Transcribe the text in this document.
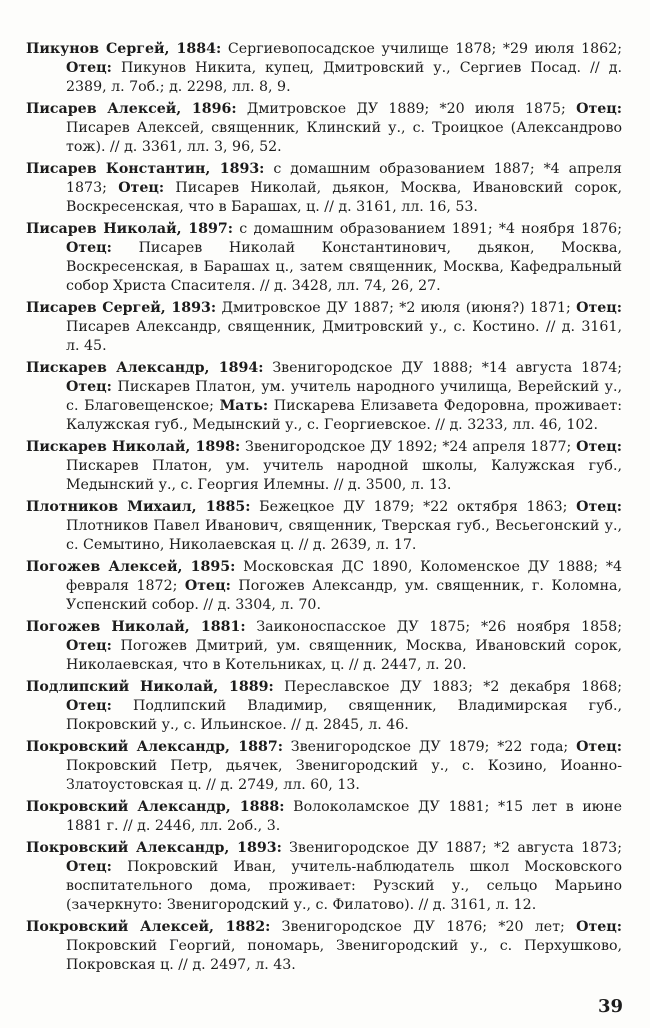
Пикунов Сергей, 1884: Сергиевопосадское училище 1878; *29 июля 1862; Отец: Пикунов Никита, купец, Дмитровский у., Сергиев Посад. // д. 2389, л. 7об.; д. 2298, лл. 8, 9.

Писарев Алексей, 1896: Дмитровское ДУ 1889; *20 июля 1875; Отец: Писарев Алексей, священник, Клинский у., с. Троицкое (Александрово тож). // д. 3361, лл. 3, 96, 52.

Писарев Константин, 1893: с домашним образованием 1887; *4 апреля 1873; Отец: Писарев Николай, дьякон, Москва, Ивановский сорок, Воскресенская, что в Барашах, ц. // д. 3161, лл. 16, 53.

Писарев Николай, 1897: с домашним образованием 1891; *4 ноября 1876; Отец: Писарев Николай Константинович, дьякон, Москва, Воскресенская, в Барашах ц., затем священник, Москва, Кафедральный собор Христа Спасителя. // д. 3428, лл. 74, 26, 27.

Писарев Сергей, 1893: Дмитровское ДУ 1887; *2 июля (июня?) 1871; Отец: Писарев Александр, священник, Дмитровский у., с. Костино. // д. 3161, л. 45.

Пискарев Александр, 1894: Звенигородское ДУ 1888; *14 августа 1874; Отец: Пискарев Платон, ум. учитель народного училища, Верейский у., с. Благовещенское; Мать: Пискарева Елизавета Федоровна, проживает: Калужская губ., Медынский у., с. Георгиевское. // д. 3233, лл. 46, 102.

Пискарев Николай, 1898: Звенигородское ДУ 1892; *24 апреля 1877; Отец: Пискарев Платон, ум. учитель народной школы, Калужская губ., Медынский у., с. Георгия Илемны. // д. 3500, л. 13.

Плотников Михаил, 1885: Бежецкое ДУ 1879; *22 октября 1863; Отец: Плотников Павел Иванович, священник, Тверская губ., Весьегонский у., с. Семытино, Николаевская ц. // д. 2639, л. 17.

Погожев Алексей, 1895: Московская ДС 1890, Коломенское ДУ 1888; *4 февраля 1872; Отец: Погожев Александр, ум. священник, г. Коломна, Успенский собор. // д. 3304, л. 70.

Погожев Николай, 1881: Заиконоспасское ДУ 1875; *26 ноября 1858; Отец: Погожев Дмитрий, ум. священник, Москва, Ивановский сорок, Николаевская, что в Котельниках, ц. // д. 2447, л. 20.

Подлипский Николай, 1889: Переславское ДУ 1883; *2 декабря 1868; Отец: Подлипский Владимир, священник, Владимирская губ., Покровский у., с. Ильинское. // д. 2845, л. 46.

Покровский Александр, 1887: Звенигородское ДУ 1879; *22 года; Отец: Покровский Петр, дьячек, Звенигородский у., с. Козино, Иоанно-Златоустовская ц. // д. 2749, лл. 60, 13.

Покровский Александр, 1888: Волоколамское ДУ 1881; *15 лет в июне 1881 г. // д. 2446, лл. 2об., 3.

Покровский Александр, 1893: Звенигородское ДУ 1887; *2 августа 1873; Отец: Покровский Иван, учитель-наблюдатель школ Московского воспитательного дома, проживает: Рузский у., сельцо Марьино (зачеркнуто: Звенигородский у., с. Филатово). // д. 3161, л. 12.

Покровский Алексей, 1882: Звенигородское ДУ 1876; *20 лет; Отец: Покровский Георгий, пономарь, Звенигородский у., с. Перхушково, Покровская ц. // д. 2497, л. 43.

39
